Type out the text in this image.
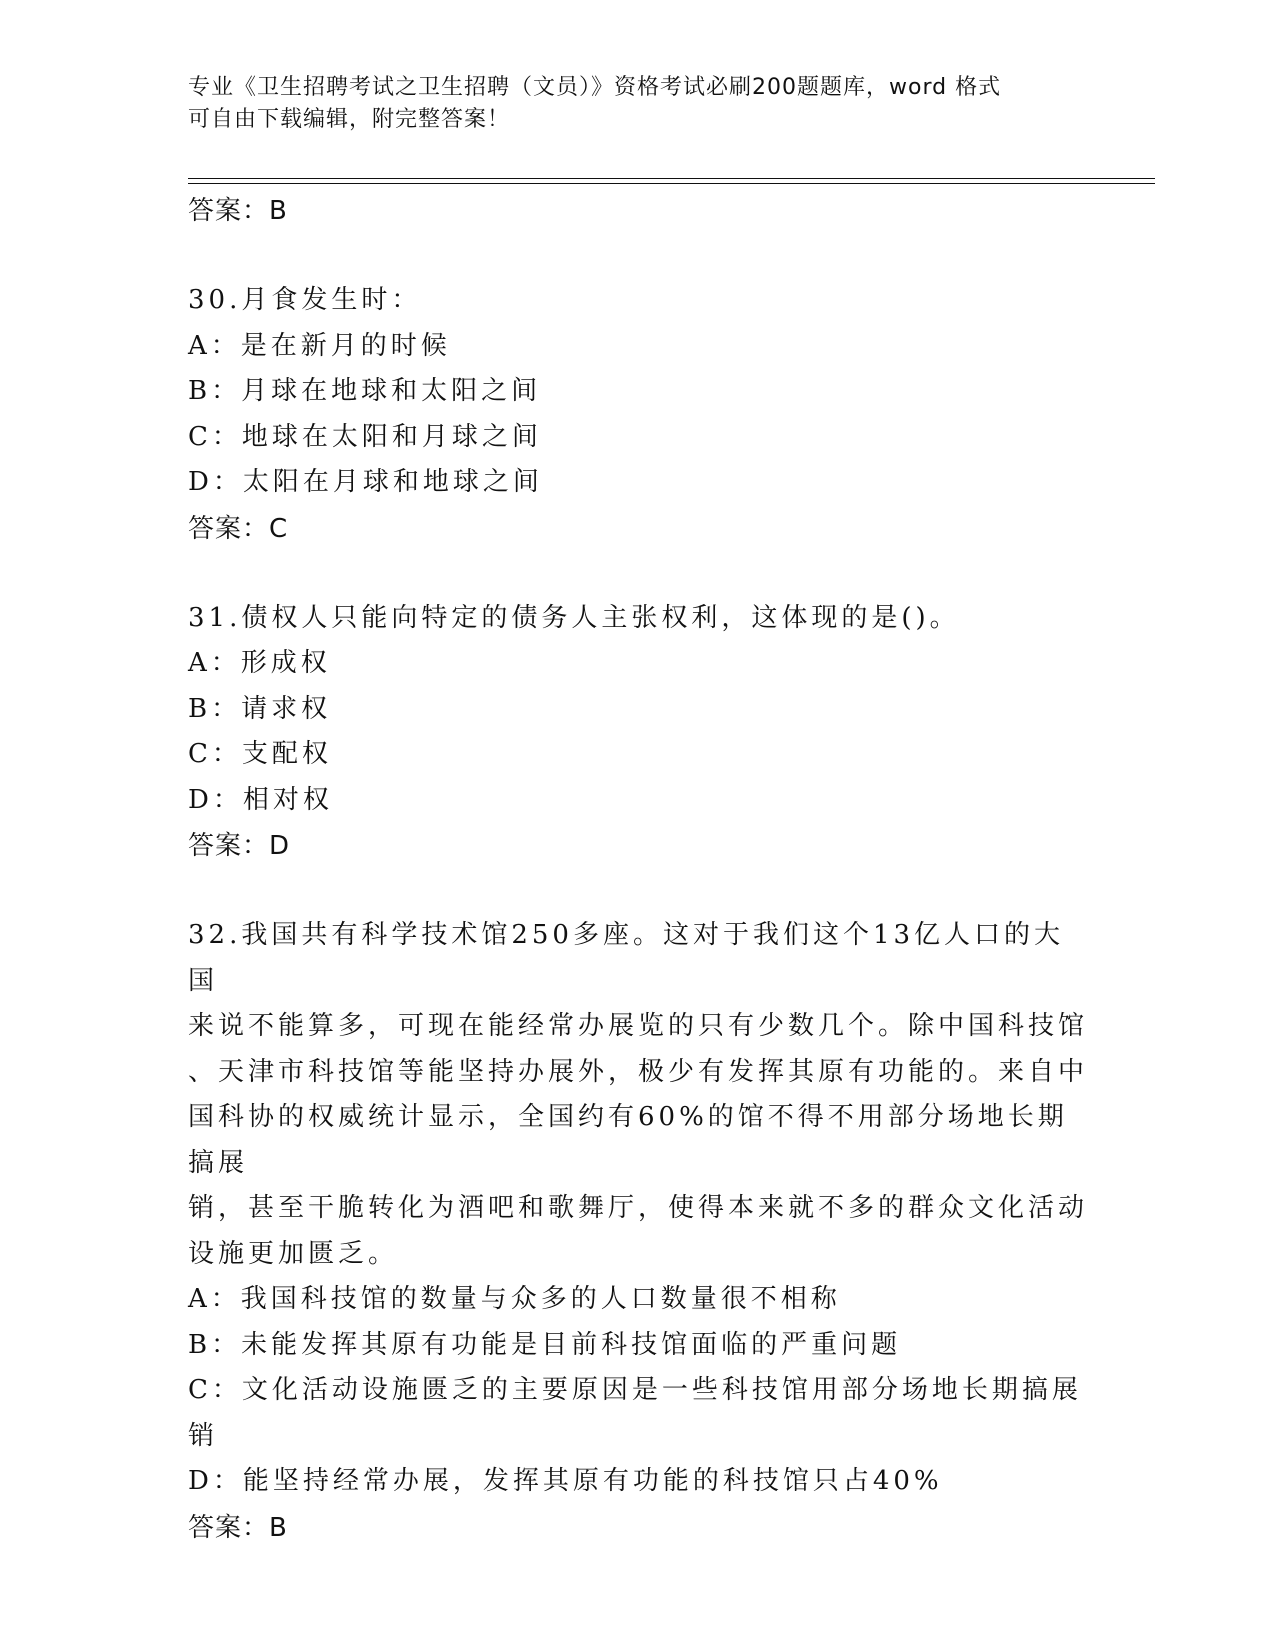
专业《卫生招聘考试之卫生招聘（文员）》资格考试必刷200题题库，word 格式
可自由下载编辑，附完整答案！
答案：B
30.月食发生时：
A：是在新月的时候
B：月球在地球和太阳之间
C：地球在太阳和月球之间
D：太阳在月球和地球之间
答案：C
31.债权人只能向特定的债务人主张权利，这体现的是()。
A：形成权
B：请求权
C：支配权
D：相对权
答案：D
32.我国共有科学技术馆250多座。这对于我们这个13亿人口的大国
来说不能算多，可现在能经常办展览的只有少数几个。除中国科技馆
、天津市科技馆等能坚持办展外，极少有发挥其原有功能的。来自中
国科协的权威统计显示，全国约有60%的馆不得不用部分场地长期搞展
销，甚至干脆转化为酒吧和歌舞厅，使得本来就不多的群众文化活动
设施更加匮乏。
A：我国科技馆的数量与众多的人口数量很不相称
B：未能发挥其原有功能是目前科技馆面临的严重问题
C：文化活动设施匮乏的主要原因是一些科技馆用部分场地长期搞展销
D：能坚持经常办展，发挥其原有功能的科技馆只占40%
答案：B
